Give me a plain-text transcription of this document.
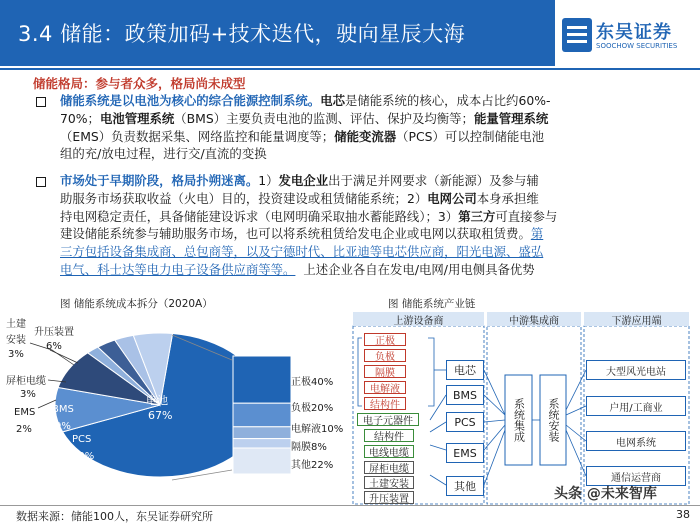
3.4 储能：政策加码+技术迭代，驶向星辰大海	东吴证券
SOOCHOW SECURITIES
储能格局：参与者众多，格局尚未成型
储能系统是以电池为核心的综合能源控制系统。电芯是储能系统的核心，成本占比约60%-
70%；电池管理系统（BMS）主要负责电池的监测、评估、保护及均衡等；能量管理系统
（EMS）负责数据采集、网络监控和能量调度等；储能变流器（PCS）可以控制储能电池
组的充/放电过程，进行交/直流的变换
市场处于早期阶段，格局扑朔迷离。1）发电企业出于满足并网要求（新能源）及参与辅
助服务市场获取收益（火电）目的，投资建设或租赁储能系统；2）电网公司本身承担维
持电网稳定责任，具备储能建设诉求（电网明确采取抽水蓄能路线）；3）第三方可直接参与
建设储能系统参与辅助服务市场，也可以将系统租赁给发电企业或电网以获取租赁费。第
三方包括设备集成商、总包商等，以及宁德时代、比亚迪等电芯供应商，阳光电源、盛弘
电气、科士达等电力电子设备供应商等等。 上述企业各自在发电/电网/用电侧具备优势
图 储能系统成本拆分（2020A）
土建
安装
3%
升压装置
6%
屏柜电缆
3%
EMS
2%
BMS
9%
PCS
10%
电池
67%
正极40%
负极20%
电解液10%
隔膜8%
其他22%
图 储能系统产业链
上游设备商	中游集成商	下游应用端
正极
负极
隔膜
电解液
结构件
电子元器件
结构件
电线电缆
屏柜电缆
土建安装
升压装置
电芯
BMS
PCS
EMS
其他
系统集成	系统安装
大型风光电站
户用/工商业
电网系统
通信运营商
头条 @未来智库
数据来源：储能100人，东吴证券研究所	38
